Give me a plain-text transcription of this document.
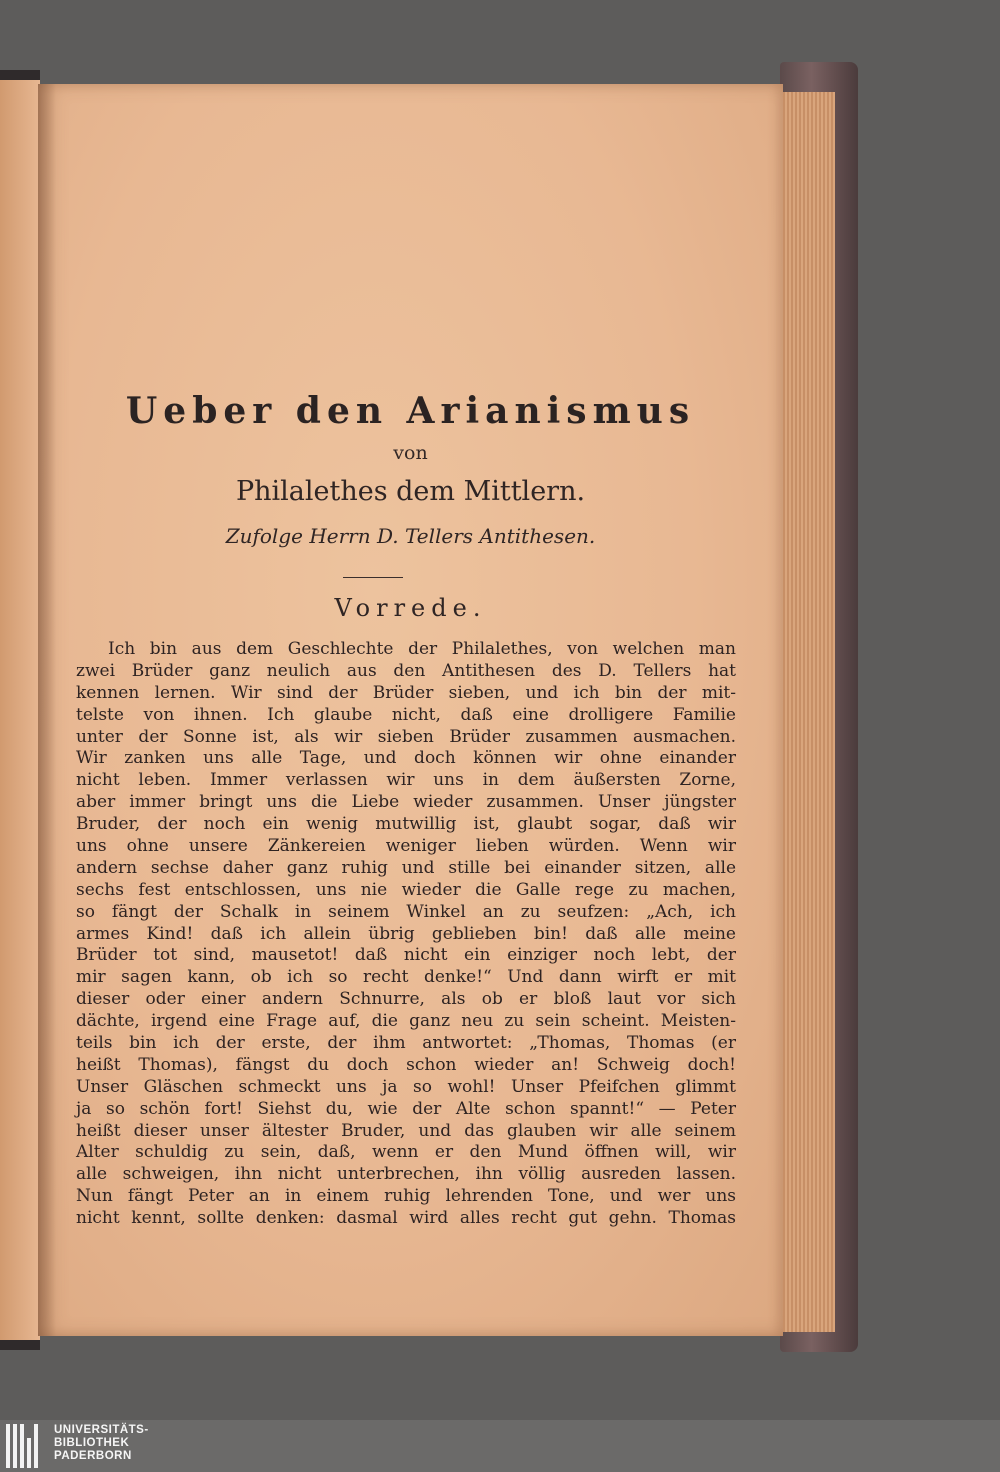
Ueber den Arianismus
von
Philalethes dem Mittlern.
Zufolge Herrn D. Tellers Antithesen.
Vorrede.
Ich bin aus dem Geschlechte der Philalethes, von welchen man
zwei Brüder ganz neulich aus den Antithesen des D. Tellers hat
kennen lernen. Wir sind der Brüder sieben, und ich bin der mit-
telste von ihnen. Ich glaube nicht, daß eine drolligere Familie
unter der Sonne ist, als wir sieben Brüder zusammen ausmachen.
Wir zanken uns alle Tage, und doch können wir ohne einander
nicht leben. Immer verlassen wir uns in dem äußersten Zorne,
aber immer bringt uns die Liebe wieder zusammen. Unser jüngster
Bruder, der noch ein wenig mutwillig ist, glaubt sogar, daß wir
uns ohne unsere Zänkereien weniger lieben würden. Wenn wir
andern sechse daher ganz ruhig und stille bei einander sitzen, alle
sechs fest entschlossen, uns nie wieder die Galle rege zu machen,
so fängt der Schalk in seinem Winkel an zu seufzen: „Ach, ich
armes Kind! daß ich allein übrig geblieben bin! daß alle meine
Brüder tot sind, mausetot! daß nicht ein einziger noch lebt, der
mir sagen kann, ob ich so recht denke!“ Und dann wirft er mit
dieser oder einer andern Schnurre, als ob er bloß laut vor sich
dächte, irgend eine Frage auf, die ganz neu zu sein scheint. Meisten-
teils bin ich der erste, der ihm antwortet: „Thomas, Thomas (er
heißt Thomas), fängst du doch schon wieder an! Schweig doch!
Unser Gläschen schmeckt uns ja so wohl! Unser Pfeifchen glimmt
ja so schön fort! Siehst du, wie der Alte schon spannt!“ — Peter
heißt dieser unser ältester Bruder, und das glauben wir alle seinem
Alter schuldig zu sein, daß, wenn er den Mund öffnen will, wir
alle schweigen, ihn nicht unterbrechen, ihn völlig ausreden lassen.
Nun fängt Peter an in einem ruhig lehrenden Tone, und wer uns
nicht kennt, sollte denken: dasmal wird alles recht gut gehn. Thomas
UNIVERSITÄTS-
BIBLIOTHEK
PADERBORN
